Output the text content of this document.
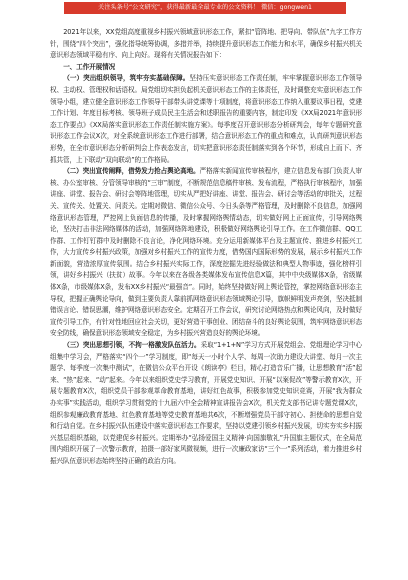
关注头条号“公文研究”，获得最新最全最专业的公文资料！ 微信：gongwen1

2021年以来，XX党组高度重视乡村振兴领域意识形态工作，紧扣“管阵地、把导向、带队伍”九字工作方针，围绕“四个突出”，强化指导统筹协调，多措并举，持续提升意识形态工作能力和水平，确保乡村振兴机关意识形态领域平稳有序、向上向好。现将有关情况报告如下：

一、工作开展情况

（一）突出组织领导，筑牢夯实基础保障。坚持压实意识形态工作责任制，牢牢掌握意识形态工作领导权、主动权、管理权和话语权。局党组切实担负起机关意识形态工作的主体责任，及时调整充实意识形态工作领导小组，建立健全意识形态工作领导干部带头讲党课等十项制度，将意识形态工作纳入重要议事日程，党建工作计划、年度目标考核、领导班子成员民主生活会和述职报告的重要内容，制定印发《XX局2021年意识形态工作要点》《XX局落实意识形态工作责任制实施方案》。每季度召开意识形态分析研判会，每年专题研究意识形态工作会议X次，对全系统意识形态工作进行部署，结合意识形态工作的重点和难点，认真研判意识形态形势，在全市意识形态分析研判会上作表态发言，切实把意识形态责任制落实到各个环节，形成自上而下、齐抓共管，上下联动“双向联动”的工作格局。

（二）突出宣传阐释，借势发力抢占舆论高地。严格落实新闻宣传审核程序，建立信息发布部门负责人审核、办公室审核、分管领导审核的“三审”制度，不断规范信息稿件审核、发布流程，严格执行审核程序，加强讲座、讲堂、报告会、研讨会等阵地管理，切实从严把好讲座、讲堂、报告会、研讨会等活动的审批关，过程关、宣传关、处置关、问责关。定期对微信、微信公众号、今日头条等严格管理，及时删除不良信息，加强网络意识形态管理，严控网上负面信息的传播，及时掌握网络舆情动态，切实做好网上正面宣传，引导网络舆论，坚决打击非法网络媒体的活动，加强网络阵地建设，积极做好网络舆论引导工作。在工作微信群、QQ工作群、工作钉钉群中及时删除不良言论，净化网络环境。充分运用新媒体平台及主题宣传、推进乡村振兴工作，大力宣传乡村振兴政策，加强对乡村振兴工作的宣传力度，借势国内国际形势的发展，展示乡村振兴工作新面貌，营造浓厚宣传氛围。结合乡村振兴实际工作，深度挖掘先进经验做法和典型人物事迹，强化榜样引领，讲好乡村振兴（扶贫）故事。今年以来在各级各类媒体发布宣传信息X篇，其中中央级媒体X条，省级媒体X条，市级媒体X条，发布XX乡村振兴“最强音”。同时，始终坚持做好网上舆论管控，掌控网络意识形态主导权，把握正确舆论导向，做到主要负责人靠前抓网络意识形态领域舆论引导，旗帜鲜明发声亮剑，坚决抵制错误言论、错误思潮，维护网络意识形态安全。定期召开工作会议，研究讨论网络热点和舆论风向，及时做好宣传引导工作，有针对性地回应社会关切，更好营造干事创业、团结奋斗的良好舆论氛围，筑牢网络意识形态安全防线，确保意识形态领域安全稳定，为乡村振兴营造良好的舆论环境。

（三）突出思想引领，不拘一格激发队伍活力。采取“1+1+N”学习方式开展党组会、党组理论学习中心组集中学习会，严格落实“四个一”学习制度，即“每天一小时个人学、每周一次助力建设大讲堂、每月一次主题学、每季度一次集中测试”，在微信公众平台开设《朗读亭》栏目，精心打造音乐广播，让思想教育“活”起来、“热”起来、“动”起来。今年以来组织党史学习教育，开展党史知识、开展“以案促改”等警示教育X次，开展专题教育X次，组织党员干部参观革命教育基地，讲好红色故事，积极参加党史知识竞赛，开展“我为群众办实事”实践活动，组织学习贯彻党的十九届六中全会精神宣讲报告会X次，机关党支部书记讲专题党课X次，组织参观廉政教育基地、红色教育基地等党史教育基地共6次，不断增强党员干部守初心、担使命的思想自觉和行动自觉。在乡村振兴队伍建设中落实意识形态工作要求，坚持以党建引领乡村振兴发展，切实夯实乡村振兴基层组织基础，以党建促乡村振兴。定期举办“弘扬爱国主义精神·向国旗敬礼”升国旗主题仪式，在全局范围内组织开展了一次警示教育，拍摄一部好家风微视频，进行一次廉政家访“三个一”系列活动，着力推进乡村振兴队伍意识形态始终坚持正确的政治方向。
